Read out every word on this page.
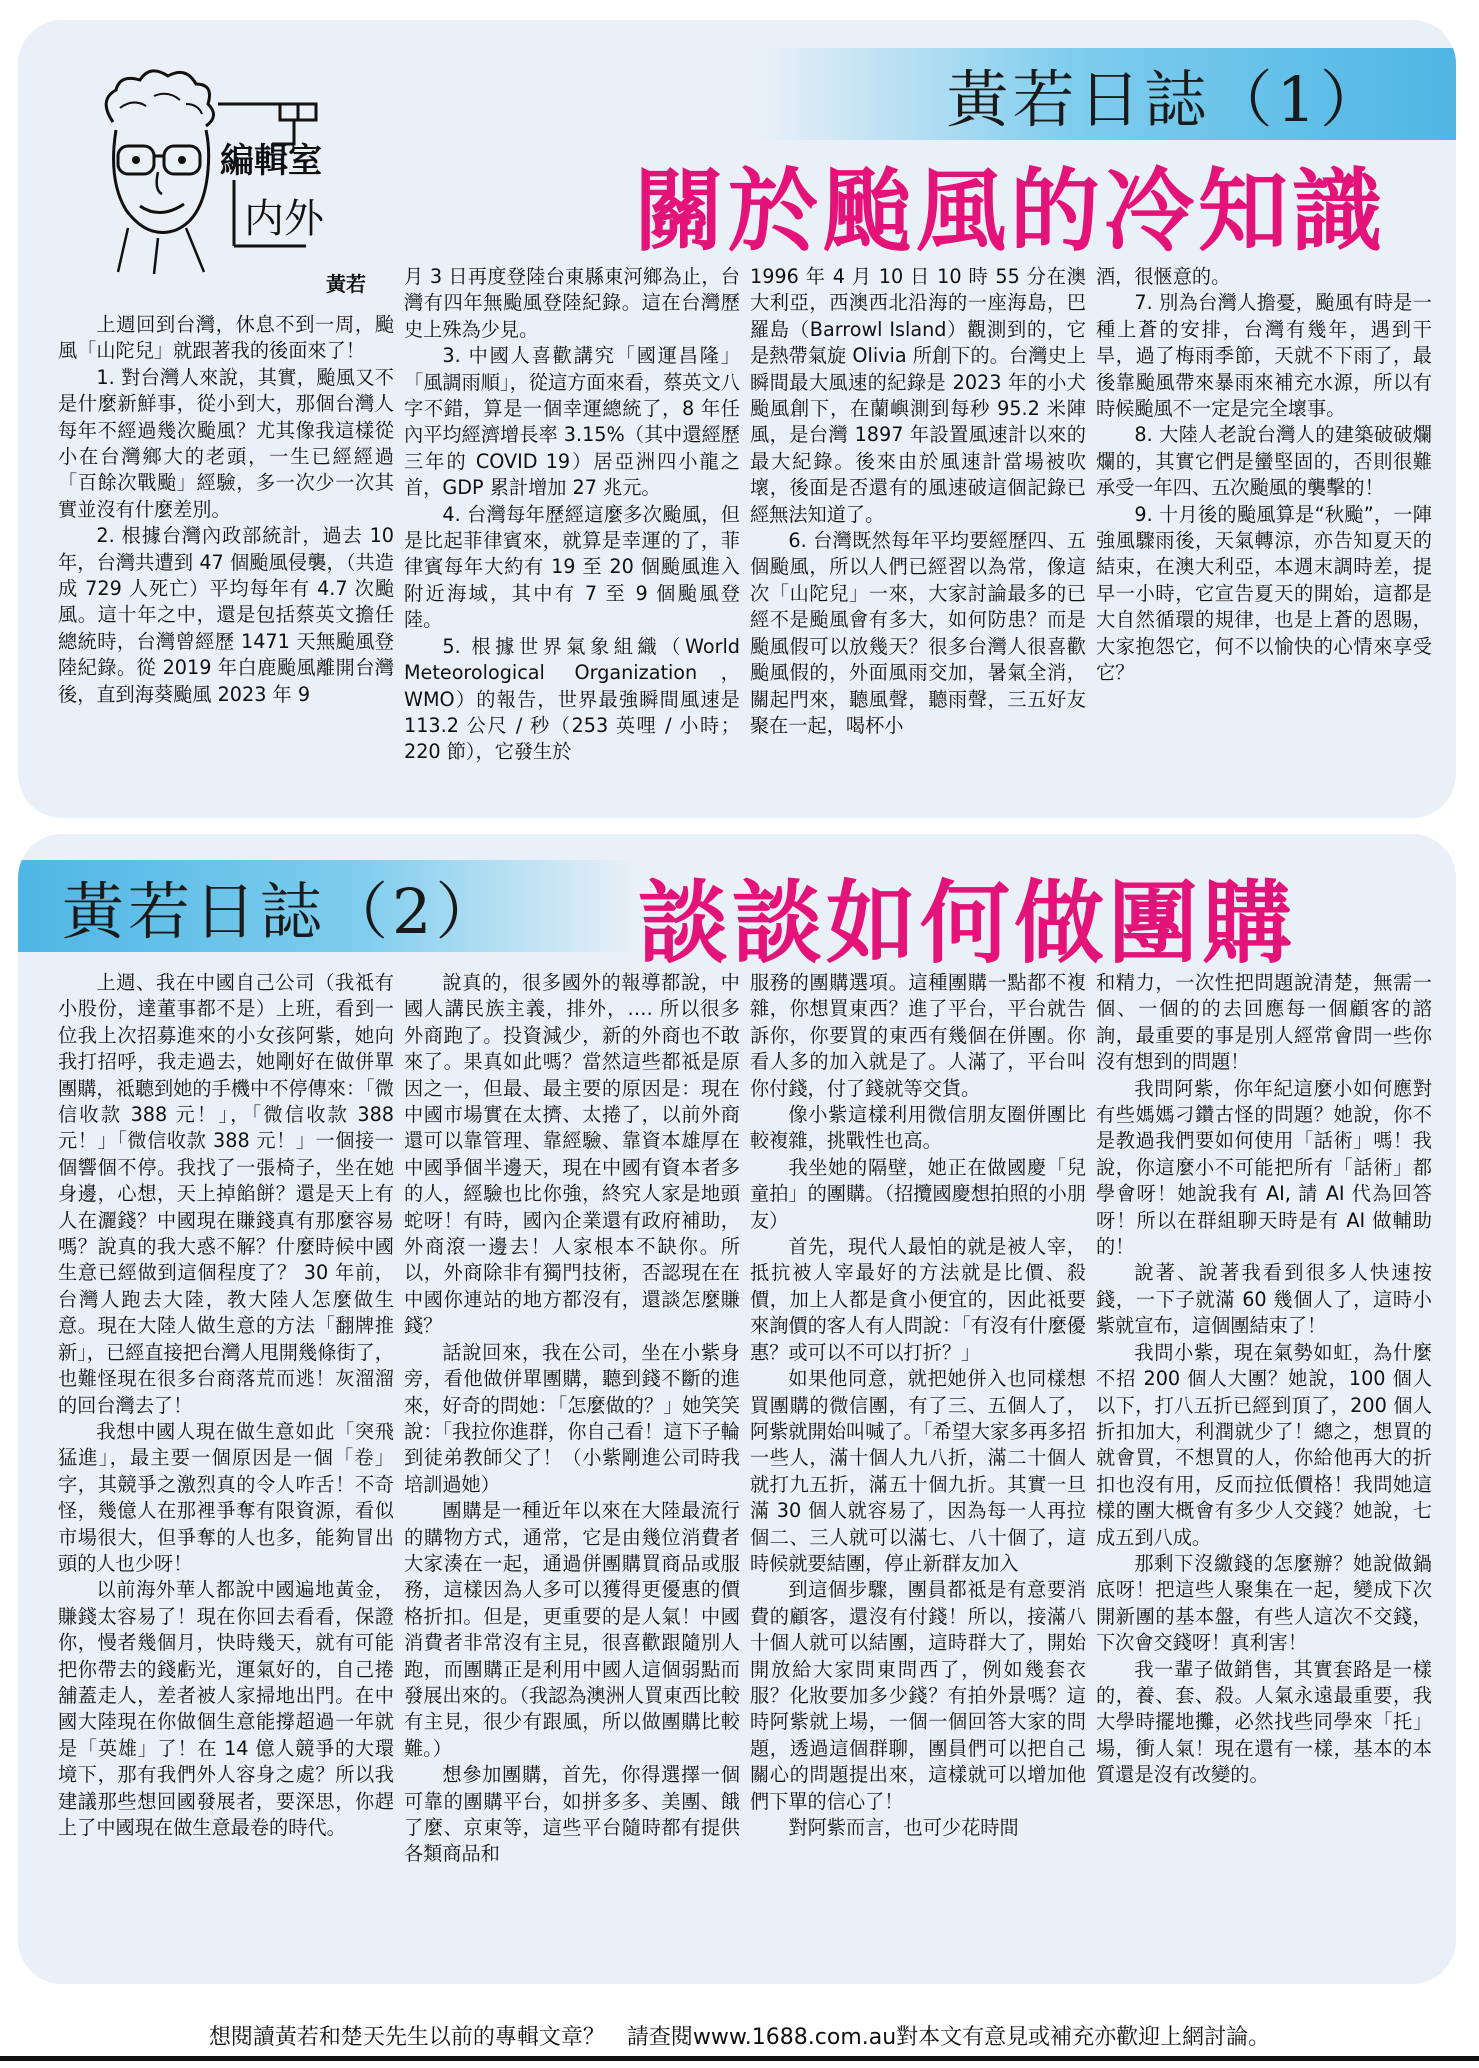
黃若日誌（1）
關於颱風的冷知識
編輯室
内外
黃若

上週回到台灣，休息不到一周，颱風「山陀兒」就跟著我的後面來了！

1. 對台灣人來說，其實，颱風又不是什麼新鮮事，從小到大，那個台灣人每年不經過幾次颱風？尤其像我這樣從小在台灣鄉大的老頭，一生已經經過「百餘次戰颱」經驗，多一次少一次其實並沒有什麼差別。

2. 根據台灣內政部統計，過去 10 年，台灣共遭到 47 個颱風侵襲，（共造成 729 人死亡）平均每年有 4.7 次颱風。這十年之中，還是包括蔡英文擔任總統時，台灣曾經歷 1471 天無颱風登陸紀錄。從 2019 年白鹿颱風離開台灣後，直到海葵颱風 2023 年 9

月 3 日再度登陸台東縣東河鄉為止，台灣有四年無颱風登陸紀錄。這在台灣歷史上殊為少見。

3. 中國人喜歡講究「國運昌隆」「風調雨順」，從這方面來看，蔡英文八字不錯，算是一個幸運總統了，8 年任內平均經濟增長率 3.15%（其中還經歷三年的 COVID 19）居亞洲四小龍之首，GDP 累計增加 27 兆元。

4. 台灣每年歷經這麼多次颱風，但是比起菲律賓來，就算是幸運的了，菲律賓每年大約有 19 至 20 個颱風進入附近海域，其中有 7 至 9 個颱風登陸。

5. 根據世界氣象組織（World Meteorological Organization，WMO）的報告，世界最強瞬間風速是 113.2 公尺 / 秒（253 英哩 / 小時；220 節），它發生於

1996 年 4 月 10 日 10 時 55 分在澳大利亞，西澳西北沿海的一座海島，巴羅島（Barrowl Island）觀測到的，它是熱帶氣旋 Olivia 所創下的。台灣史上瞬間最大風速的紀錄是 2023 年的小犬颱風創下，在蘭嶼測到每秒 95.2 米陣風，是台灣 1897 年設置風速計以來的最大紀錄。後來由於風速計當場被吹壞，後面是否還有的風速破這個記錄已經無法知道了。

6. 台灣既然每年平均要經歷四、五個颱風，所以人們已經習以為常，像這次「山陀兒」一來，大家討論最多的已經不是颱風會有多大，如何防患？而是颱風假可以放幾天？很多台灣人很喜歡颱風假的，外面風雨交加，暑氣全消，關起門來，聽風聲，聽雨聲，三五好友聚在一起，喝杯小

酒，很愜意的。

7. 別為台灣人擔憂，颱風有時是一種上蒼的安排，台灣有幾年，遇到干旱，過了梅雨季節，天就不下雨了，最後靠颱風帶來暴雨來補充水源，所以有時候颱風不一定是完全壞事。

8. 大陸人老說台灣人的建築破破爛爛的，其實它們是蠻堅固的，否則很難承受一年四、五次颱風的襲擊的！

9. 十月後的颱風算是“秋颱”，一陣強風驟雨後，天氣轉涼，亦告知夏天的結束，在澳大利亞，本週末調時差，提早一小時，它宣告夏天的開始，這都是大自然循環的規律，也是上蒼的恩賜，大家抱怨它，何不以愉快的心情來享受它？

黃若日誌（2）	談談如何做團購

上週、我在中國自己公司（我祗有小股份，達董事都不是）上班，看到一位我上次招募進來的小女孩阿紫，她向我打招呼，我走過去，她剛好在做併單團購，祗聽到她的手機中不停傳來：「微信收款 388 元！」，「微信收款 388 元！」「微信收款 388 元！」一個接一個響個不停。我找了一張椅子，坐在她身邊，心想，天上掉餡餅？還是天上有人在灑錢？中國現在賺錢真有那麼容易嗎？說真的我大惑不解？什麼時候中國生意已經做到這個程度了？ 30 年前，台灣人跑去大陸，教大陸人怎麼做生意。現在大陸人做生意的方法「翻牌推新」，已經直接把台灣人甩開幾條街了，也難怪現在很多台商落荒而逃！灰溜溜的回台灣去了！

我想中國人現在做生意如此「突飛猛進」，最主要一個原因是一個「卷」字，其競爭之激烈真的令人咋舌！不奇怪，幾億人在那裡爭奪有限資源，看似市場很大，但爭奪的人也多，能夠冒出頭的人也少呀！

以前海外華人都說中國遍地黃金，賺錢太容易了！現在你回去看看，保證你，慢者幾個月，快時幾天，就有可能把你帶去的錢虧光，運氣好的，自己捲舖蓋走人，差者被人家掃地出門。在中國大陸現在你做個生意能撐超過一年就是「英雄」了！在 14 億人競爭的大環境下，那有我們外人容身之處？所以我建議那些想回國發展者，要深思，你趕上了中國現在做生意最卷的時代。

說真的，很多國外的報導都說，中國人講民族主義，排外，…. 所以很多外商跑了。投資減少，新的外商也不敢來了。果真如此嗎？當然這些都祗是原因之一，但最、最主要的原因是：現在中國市場實在太擠、太捲了，以前外商還可以靠管理、靠經驗、靠資本雄厚在中國爭個半邊天，現在中國有資本者多的人，經驗也比你強，終究人家是地頭蛇呀！有時，國內企業還有政府補助，外商滾一邊去！人家根本不缺你。所以，外商除非有獨門技術，否認現在在中國你連站的地方都沒有，還談怎麼賺錢？

話說回來，我在公司，坐在小紫身旁，看他做併單團購，聽到錢不斷的進來，好奇的問她：「怎麼做的？」她笑笑說：「我拉你進群，你自己看！這下子輪到徒弟教師父了！（小紫剛進公司時我培訓過她）

團購是一種近年以來在大陸最流行的購物方式，通常，它是由幾位消費者大家湊在一起，通過併團購買商品或服務，這樣因為人多可以獲得更優惠的價格折扣。但是，更重要的是人氣！中國消費者非常沒有主見，很喜歡跟隨別人跑，而團購正是利用中國人這個弱點而發展出來的。（我認為澳洲人買東西比較有主見，很少有跟風，所以做團購比較難。）

想參加團購，首先，你得選擇一個可靠的團購平台，如拼多多、美團、餓了麼、京東等，這些平台隨時都有提供各類商品和

服務的團購選項。這種團購一點都不複雜，你想買東西？進了平台，平台就告訴你，你要買的東西有幾個在併團。你看人多的加入就是了。人滿了，平台叫你付錢，付了錢就等交貨。

像小紫這樣利用微信朋友圈併團比較複雜，挑戰性也高。

我坐她的隔壁，她正在做國慶「兒童拍」的團購。（招攬國慶想拍照的小朋友）

首先，現代人最怕的就是被人宰，抵抗被人宰最好的方法就是比價、殺價，加上人都是貪小便宜的，因此祗要來詢價的客人有人問說：「有沒有什麼優惠？或可以不可以打折？」

如果他同意，就把她併入也同樣想買團購的微信團，有了三、五個人了，阿紫就開始叫喊了。「希望大家多再多招一些人，滿十個人九八折，滿二十個人就打九五折，滿五十個九折。其實一旦滿 30 個人就容易了，因為每一人再拉個二、三人就可以滿七、八十個了，這時候就要結團，停止新群友加入

到這個步驟，團員都祗是有意要消費的顧客，還沒有付錢！所以，接滿八十個人就可以結團，這時群大了，開始開放給大家問東問西了，例如幾套衣服？化妝要加多少錢？有拍外景嗎？這時阿紫就上場，一個一個回答大家的問題，透過這個群聊，團員們可以把自己關心的問題提出來，這樣就可以增加他們下單的信心了！

對阿紫而言，也可少花時間

和精力，一次性把問題說清楚，無需一個、一個的的去回應每一個顧客的諮詢，最重要的事是別人經常會問一些你沒有想到的問題！

我問阿紫，你年紀這麼小如何應對有些媽媽刁鑽古怪的問題？她說，你不是教過我們要如何使用「話術」嗎！我說，你這麼小不可能把所有「話術」都學會呀！她說我有 AI, 請 AI 代為回答呀！所以在群組聊天時是有 AI 做輔助的！

說著、說著我看到很多人快速按錢，一下子就滿 60 幾個人了，這時小紫就宣布，這個團結束了！

我問小紫，現在氣勢如虹，為什麼不招 200 個人大團？她說，100 個人以下，打八五折已經到頂了，200 個人折扣加大，利潤就少了！總之，想買的就會買，不想買的人，你給他再大的折扣也沒有用，反而拉低價格！我問她這樣的團大概會有多少人交錢？她說，七成五到八成。

那剩下沒繳錢的怎麼辦？她說做鍋底呀！把這些人聚集在一起，變成下次開新團的基本盤，有些人這次不交錢，下次會交錢呀！真利害！

我一輩子做銷售，其實套路是一樣的，養、套、殺。人氣永遠最重要，我大學時擺地攤，必然找些同學來「托」場，衝人氣！現在還有一樣，基本的本質還是沒有改變的。

想閱讀黃若和楚天先生以前的專輯文章？　請查閱www.1688.com.au對本文有意見或補充亦歡迎上網討論。
